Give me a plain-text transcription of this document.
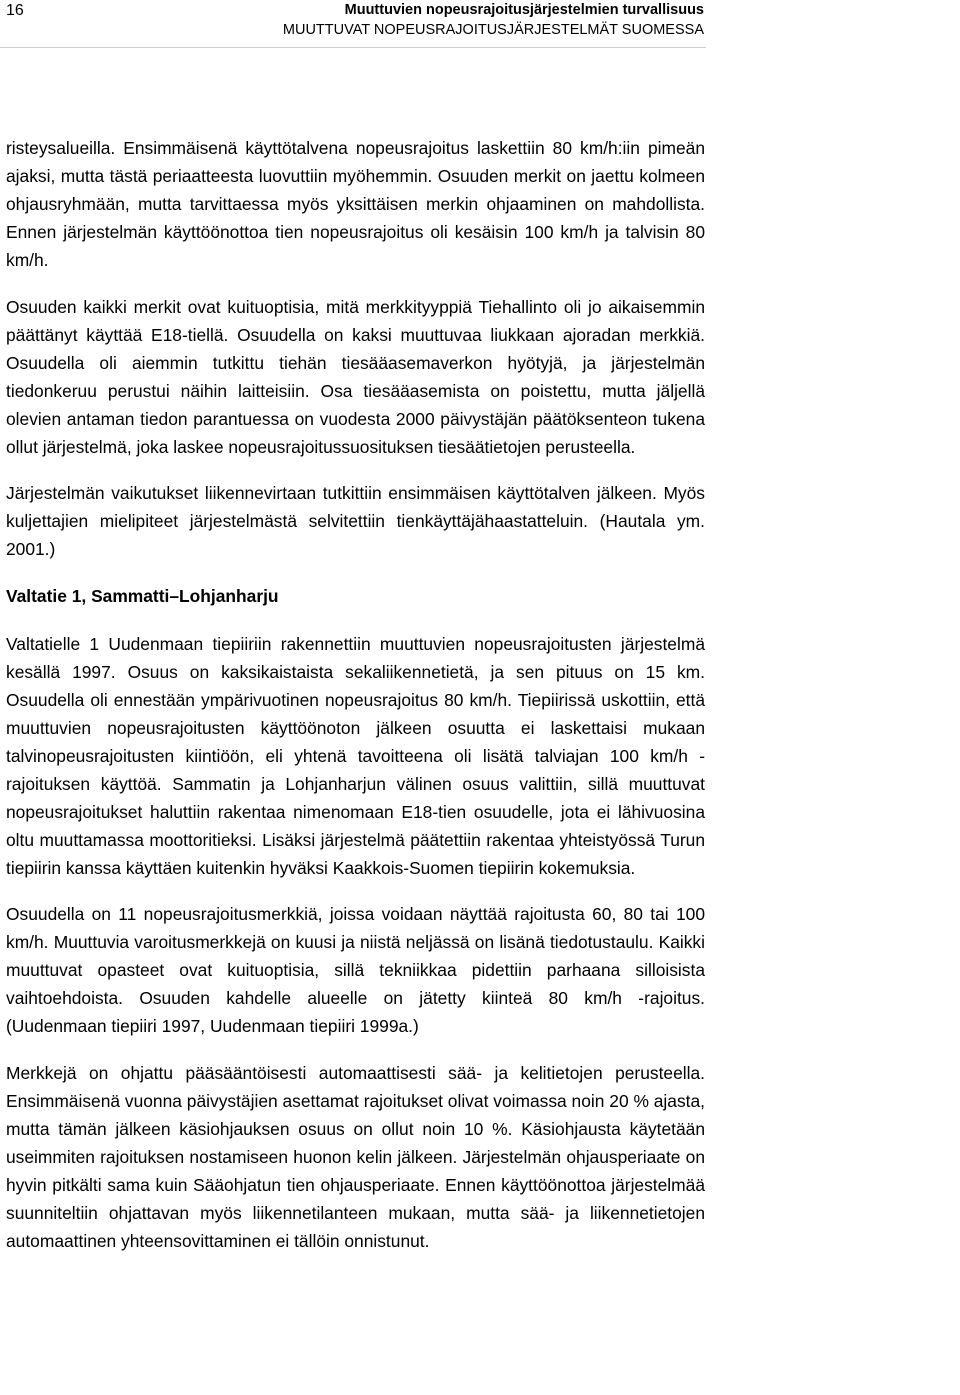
16	Muuttuvien nopeusrajoitusjärjestelmien turvallisuus
MUUTTUVAT NOPEUSRAJOITUSJÄRJESTELMÄT SUOMESSA

risteysalueilla. Ensimmäisenä käyttötalvena nopeusrajoitus laskettiin 80 km/h:iin pimeän ajaksi, mutta tästä periaatteesta luovuttiin myöhemmin. Osuuden merkit on jaettu kolmeen ohjausryhmään, mutta tarvittaessa myös yksittäisen merkin ohjaaminen on mahdollista. Ennen järjestelmän käyttöönottoa tien nopeusrajoitus oli kesäisin 100 km/h ja talvisin 80 km/h.

Osuuden kaikki merkit ovat kuituoptisia, mitä merkkityyppiä Tiehallinto oli jo aikaisemmin päättänyt käyttää E18-tiellä. Osuudella on kaksi muuttuvaa liukkaan ajoradan merkkiä. Osuudella oli aiemmin tutkittu tiehän tiesääasemaverkon hyötyjä, ja järjestelmän tiedonkeruu perustui näihin laitteisiin. Osa tiesääasemista on poistettu, mutta jäljellä olevien antaman tiedon parantuessa on vuodesta 2000 päivystäjän päätöksenteon tukena ollut järjestelmä, joka laskee nopeusrajoitussuosituksen tiesäätietojen perusteella.

Järjestelmän vaikutukset liikennevirtaan tutkittiin ensimmäisen käyttötalven jälkeen. Myös kuljettajien mielipiteet järjestelmästä selvitettiin tienkäyttäjähaastatteluin. (Hautala ym. 2001.)

Valtatie 1, Sammatti–Lohjanharju

Valtatielle 1 Uudenmaan tiepiiriin rakennettiin muuttuvien nopeusrajoitusten järjestelmä kesällä 1997. Osuus on kaksikaistaista sekaliikennetietä, ja sen pituus on 15 km. Osuudella oli ennestään ympärivuotinen nopeusrajoitus 80 km/h. Tiepiirissä uskottiin, että muuttuvien nopeusrajoitusten käyttöönoton jälkeen osuutta ei laskettaisi mukaan talvinopeusrajoitusten kiintiöön, eli yhtenä tavoitteena oli lisätä talviajan 100 km/h -rajoituksen käyttöä. Sammatin ja Lohjanharjun välinen osuus valittiin, sillä muuttuvat nopeusrajoitukset haluttiin rakentaa nimenomaan E18-tien osuudelle, jota ei lähivuosina oltu muuttamassa moottoritieksi. Lisäksi järjestelmä päätettiin rakentaa yhteistyössä Turun tiepiirin kanssa käyttäen kuitenkin hyväksi Kaakkois-Suomen tiepiirin kokemuksia.

Osuudella on 11 nopeusrajoitusmerkkiä, joissa voidaan näyttää rajoitusta 60, 80 tai 100 km/h. Muuttuvia varoitusmerkkejä on kuusi ja niistä neljässä on lisänä tiedotustaulu. Kaikki muuttuvat opasteet ovat kuituoptisia, sillä tekniikkaa pidettiin parhaana silloisista vaihtoehdoista. Osuuden kahdelle alueelle on jätetty kiinteä 80 km/h -rajoitus. (Uudenmaan tiepiiri 1997, Uudenmaan tiepiiri 1999a.)

Merkkejä on ohjattu pääsääntöisesti automaattisesti sää- ja kelitietojen perusteella. Ensimmäisenä vuonna päivystäjien asettamat rajoitukset olivat voimassa noin 20 % ajasta, mutta tämän jälkeen käsiohjauksen osuus on ollut noin 10 %. Käsiohjausta käytetään useimmiten rajoituksen nostamiseen huonon kelin jälkeen. Järjestelmän ohjausperiaate on hyvin pitkälti sama kuin Sääohjatun tien ohjausperiaate. Ennen käyttöönottoa järjestelmää suunniteltiin ohjattavan myös liikennetilanteen mukaan, mutta sää- ja liikennetietojen automaattinen yhteensovittaminen ei tällöin onnistunut.
